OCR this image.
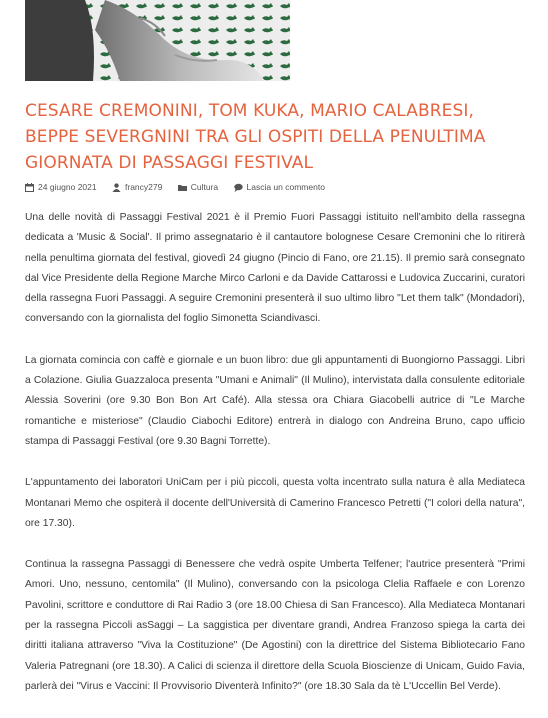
CESARE CREMONINI, TOM KUKA, MARIO CALABRESI, BEPPE SEVERGNINI TRA GLI OSPITI DELLA PENULTIMA GIORNATA DI PASSAGGI FESTIVAL
24 giugno 2021
	francy279
	Cultura
	Lascia un commento

Una delle novità di Passaggi Festival 2021 è il Premio Fuori Passaggi istituito nell'ambito della rassegna dedicata a 'Music & Social'. Il primo assegnatario è il cantautore bolognese Cesare Cremonini che lo ritirerà nella penultima giornata del festival, giovedì 24 giugno (Pincio di Fano, ore 21.15). Il premio sarà consegnato dal Vice Presidente della Regione Marche Mirco Carloni e da Davide Cattarossi e Ludovica Zuccarini, curatori della rassegna Fuori Passaggi. A seguire Cremonini presenterà il suo ultimo libro "Let them talk" (Mondadori), conversando con la giornalista del foglio Simonetta Sciandivasci.

La giornata comincia con caffè e giornale e un buon libro: due gli appuntamenti di Buongiorno Passaggi. Libri a Colazione. Giulia Guazzaloca presenta "Umani e Animali" (Il Mulino), intervistata dalla consulente editoriale Alessia Soverini (ore 9.30 Bon Bon Art Café). Alla stessa ora Chiara Giacobelli autrice di "Le Marche romantiche e misteriose" (Claudio Ciabochi Editore) entrerà in dialogo con Andreina Bruno, capo ufficio stampa di Passaggi Festival (ore 9.30 Bagni Torrette).

L'appuntamento dei laboratori UniCam per i più piccoli, questa volta incentrato sulla natura è alla Mediateca Montanari Memo che ospiterà il docente dell'Università di Camerino Francesco Petretti ("I colori della natura", ore 17.30).

Continua la rassegna Passaggi di Benessere che vedrà ospite Umberta Telfener; l'autrice presenterà "Primi Amori. Uno, nessuno, centomila" (Il Mulino), conversando con la psicologa Clelia Raffaele e con Lorenzo Pavolini, scrittore e conduttore di Rai Radio 3 (ore 18.00 Chiesa di San Francesco). Alla Mediateca Montanari per la rassegna Piccoli asSaggi – La saggistica per diventare grandi, Andrea Franzoso spiega la carta dei diritti italiana attraverso "Viva la Costituzione" (De Agostini) con la direttrice del Sistema Bibliotecario Fano Valeria Patregnani (ore 18.30). A Calici di scienza il direttore della Scuola Bioscienze di Unicam, Guido Favia, parlerà dei "Virus e Vaccini: Il Provvisorio Diventerà Infinito?" (ore 18.30 Sala da tè L'Uccellin Bel Verde).
